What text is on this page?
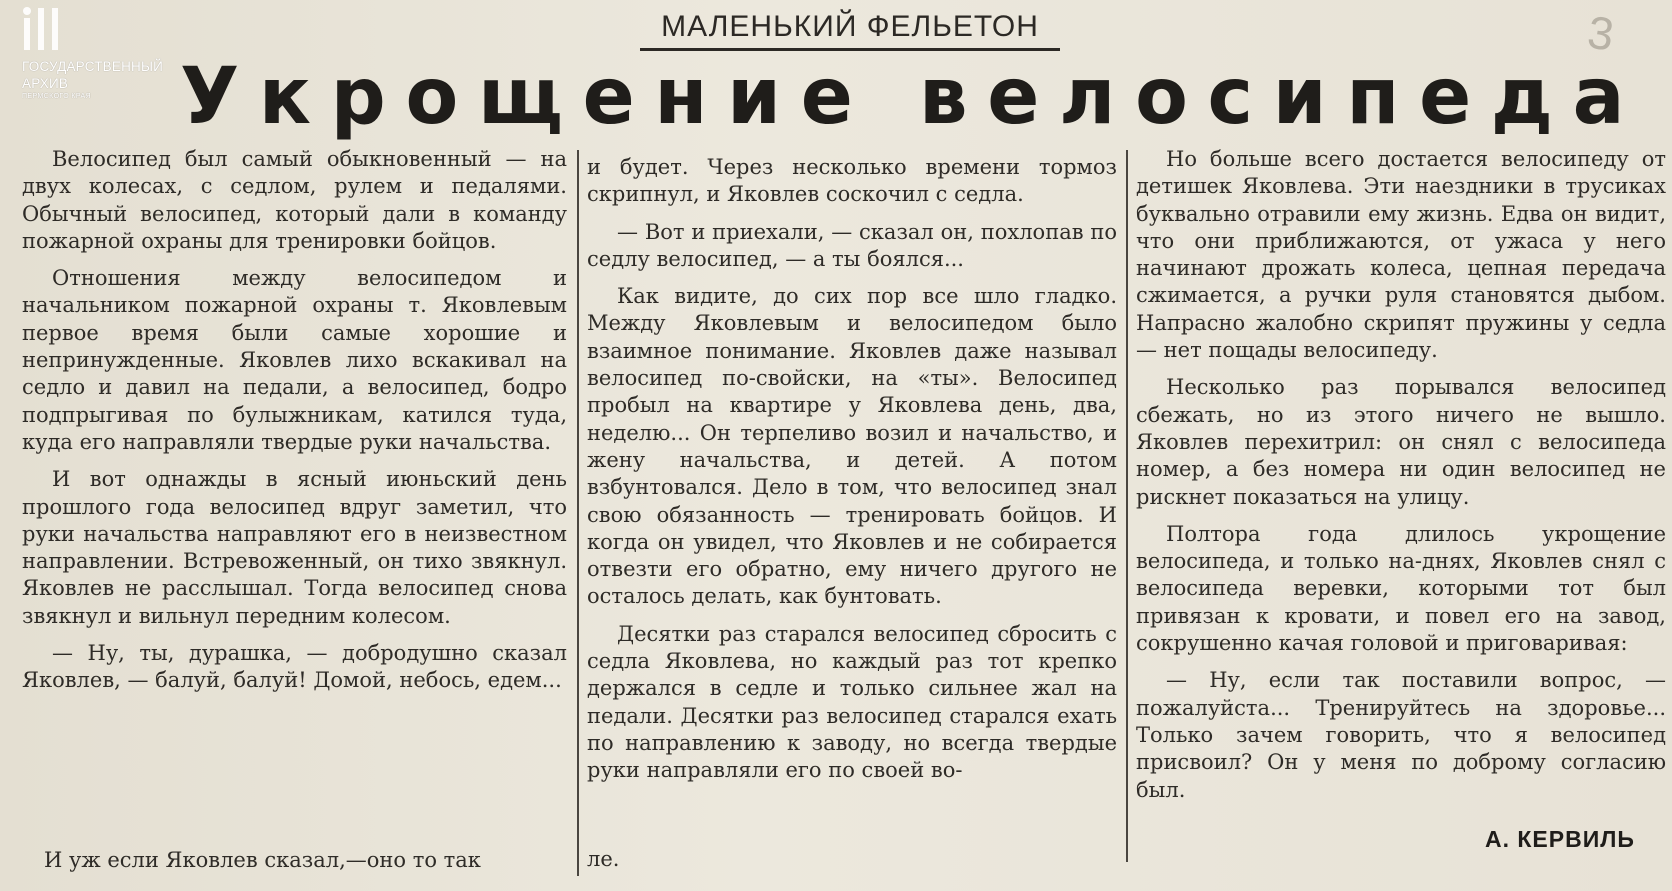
ГОСУДАРСТВЕННЫЙ
АРХИВ
ПЕРМСКОГО КРАЯ
МАЛЕНЬКИЙ ФЕЛЬЕТОН
Укрощение велосипеда
3

Велосипед был самый обыкновенный — на двух колесах, с седлом, рулем и педалями. Обычный велосипед, который дали в команду пожарной охраны для тренировки бойцов.

Отношения между велосипедом и начальником пожарной охраны т. Яковлевым первое время были самые хорошие и непринужденные. Яковлев лихо вскакивал на седло и давил на педали, а велосипед, бодро подпрыгивая по булыжникам, катился туда, куда его направляли твердые руки начальства.

И вот однажды в ясный июньский день прошлого года велосипед вдруг заметил, что руки начальства направляют его в неизвестном направлении. Встревоженный, он тихо звякнул. Яковлев не расслышал. Тогда велосипед снова звякнул и вильнул передним колесом.

— Ну, ты, дурашка, — добродушно сказал Яковлев, — балуй, балуй! Домой, небось, едем...

И уж если Яковлев сказал,—оно то так

и будет. Через несколько времени тормоз скрипнул, и Яковлев соскочил с седла.

— Вот и приехали, — сказал он, похлопав по седлу велосипед, — а ты боялся...

Как видите, до сих пор все шло гладко. Между Яковлевым и велосипедом было взаимное понимание. Яковлев даже называл велосипед по-свойски, на «ты». Велосипед пробыл на квартире у Яковлева день, два, неделю... Он терпеливо возил и начальство, и жену начальства, и детей. А потом взбунтовался. Дело в том, что велосипед знал свою обязанность — тренировать бойцов. И когда он увидел, что Яковлев и не собирается отвезти его обратно, ему ничего другого не осталось делать, как бунтовать.

Десятки раз старался велосипед сбросить с седла Яковлева, но каждый раз тот крепко держался в седле и только сильнее жал на педали. Десятки раз велосипед старался ехать по направлению к заводу, но всегда твердые руки направляли его по своей во-

ле.

Но больше всего достается велосипеду от детишек Яковлева. Эти наездники в трусиках буквально отравили ему жизнь. Едва он видит, что они приближаются, от ужаса у него начинают дрожать колеса, цепная передача сжимается, а ручки руля становятся дыбом. Напрасно жалобно скрипят пружины у седла — нет пощады велосипеду.

Несколько раз порывался велосипед сбежать, но из этого ничего не вышло. Яковлев перехитрил: он снял с велосипеда номер, а без номера ни один велосипед не рискнет показаться на улицу.

Полтора года длилось укрощение велосипеда, и только на-днях, Яковлев снял с велосипеда веревки, которыми тот был привязан к кровати, и повел его на завод, сокрушенно качая головой и приговаривая:

— Ну, если так поставили вопрос, — пожалуйста... Тренируйтесь на здоровье... Только зачем говорить, что я велосипед присвоил? Он у меня по доброму согласию был.

А. КЕРВИЛЬ
